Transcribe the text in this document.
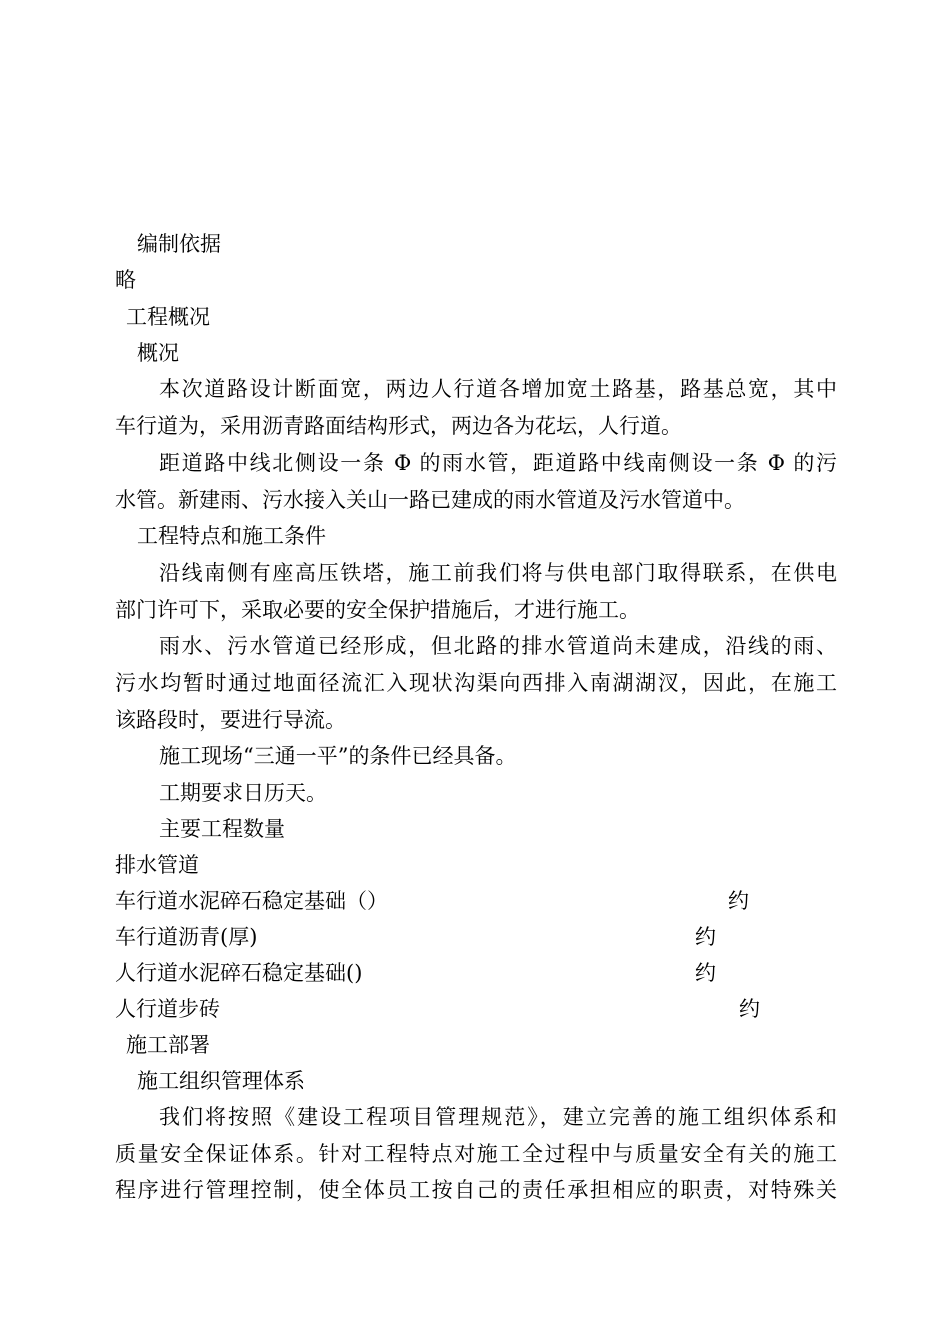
编制依据
略
工程概况
概况
本次道路设计断面宽，两边人行道各增加宽土路基，路基总宽，其中
车行道为，采用沥青路面结构形式，两边各为花坛，人行道。
距道路中线北侧设一条 Φ 的雨水管，距道路中线南侧设一条 Φ 的污
水管。新建雨、污水接入关山一路已建成的雨水管道及污水管道中。
工程特点和施工条件
沿线南侧有座高压铁塔，施工前我们将与供电部门取得联系，在供电
部门许可下，采取必要的安全保护措施后，才进行施工。
雨水、污水管道已经形成，但北路的排水管道尚未建成，沿线的雨、
污水均暂时通过地面径流汇入现状沟渠向西排入南湖湖汊，因此，在施工
该路段时，要进行导流。
施工现场“三通一平”的条件已经具备。
工期要求日历天。
主要工程数量
排水管道
车行道水泥碎石稳定基础（）	约
车行道沥青(厚)	约
人行道水泥碎石稳定基础()	约
人行道步砖	约
施工部署
施工组织管理体系
我们将按照《建设工程项目管理规范》，建立完善的施工组织体系和
质量安全保证体系。针对工程特点对施工全过程中与质量安全有关的施工
程序进行管理控制，使全体员工按自己的责任承担相应的职责，对特殊关
